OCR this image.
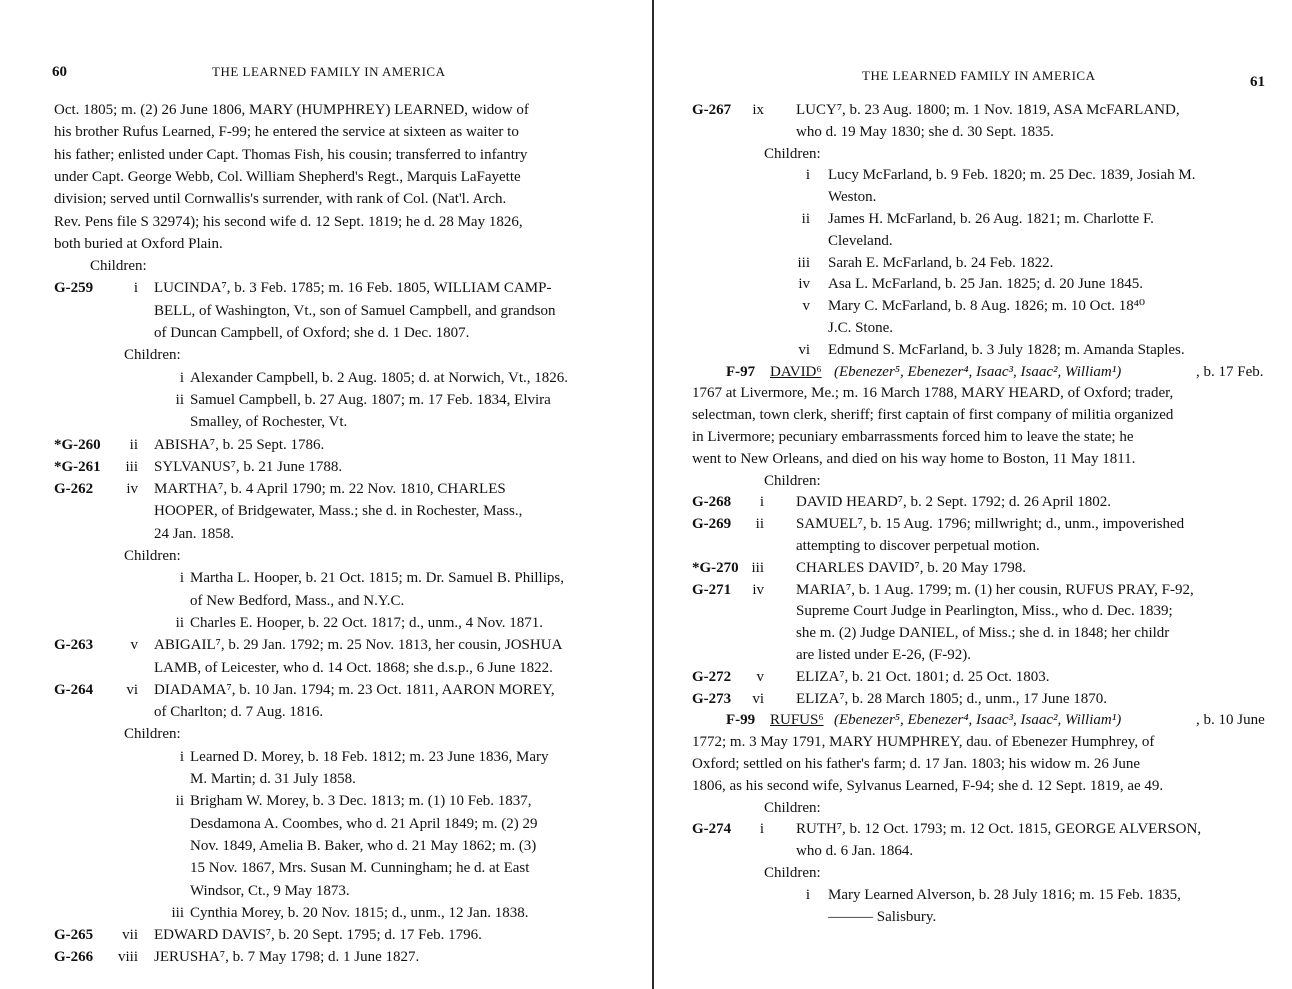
60	THE LEARNED FAMILY IN AMERICA
Oct. 1805; m. (2) 26 June 1806, MARY (HUMPHREY) LEARNED, widow of
his brother Rufus Learned, F-99; he entered the service at sixteen as waiter to
his father; enlisted under Capt. Thomas Fish, his cousin; transferred to infantry
under Capt. George Webb, Col. William Shepherd's Regt., Marquis LaFayette
division; served until Cornwallis's surrender, with rank of Col. (Nat'l. Arch.
Rev. Pens file S 32974); his second wife d. 12 Sept. 1819; he d. 28 May 1826,
both buried at Oxford Plain.
Children:
G-259	i LUCINDA⁷, b. 3 Feb. 1785; m. 16 Feb. 1805, WILLIAM CAMP-
BELL, of Washington, Vt., son of Samuel Campbell, and grandson
of Duncan Campbell, of Oxford; she d. 1 Dec. 1807.
Children:
i Alexander Campbell, b. 2 Aug. 1805; d. at Norwich, Vt., 1826.
ii Samuel Campbell, b. 27 Aug. 1807; m. 17 Feb. 1834, Elvira
Smalley, of Rochester, Vt.
*G-260	ii ABISHA⁷, b. 25 Sept. 1786.
*G-261	iii SYLVANUS⁷, b. 21 June 1788.
G-262	iv MARTHA⁷, b. 4 April 1790; m. 22 Nov. 1810, CHARLES
HOOPER, of Bridgewater, Mass.; she d. in Rochester, Mass.,
24 Jan. 1858.
Children:
i Martha L. Hooper, b. 21 Oct. 1815; m. Dr. Samuel B. Phillips,
of New Bedford, Mass., and N.Y.C.
ii Charles E. Hooper, b. 22 Oct. 1817; d., unm., 4 Nov. 1871.
G-263	v ABIGAIL⁷, b. 29 Jan. 1792; m. 25 Nov. 1813, her cousin, JOSHUA
LAMB, of Leicester, who d. 14 Oct. 1868; she d.s.p., 6 June 1822.
G-264	vi DIADAMA⁷, b. 10 Jan. 1794; m. 23 Oct. 1811, AARON MOREY,
of Charlton; d. 7 Aug. 1816.
Children:
i Learned D. Morey, b. 18 Feb. 1812; m. 23 June 1836, Mary
M. Martin; d. 31 July 1858.
ii Brigham W. Morey, b. 3 Dec. 1813; m. (1) 10 Feb. 1837,
Desdamona A. Coombes, who d. 21 April 1849; m. (2) 29
Nov. 1849, Amelia B. Baker, who d. 21 May 1862; m. (3)
15 Nov. 1867, Mrs. Susan M. Cunningham; he d. at East
Windsor, Ct., 9 May 1873.
iii Cynthia Morey, b. 20 Nov. 1815; d., unm., 12 Jan. 1838.
G-265	vii EDWARD DAVIS⁷, b. 20 Sept. 1795; d. 17 Feb. 1796.
G-266	viii JERUSHA⁷, b. 7 May 1798; d. 1 June 1827.
THE LEARNED FAMILY IN AMERICA	61
G-267	ix LUCY⁷, b. 23 Aug. 1800; m. 1 Nov. 1819, ASA McFARLAND,
who d. 19 May 1830; she d. 30 Sept. 1835.
Children:
i Lucy McFarland, b. 9 Feb. 1820; m. 25 Dec. 1839, Josiah M.
Weston.
ii James H. McFarland, b. 26 Aug. 1821; m. Charlotte F.
Cleveland.
iii Sarah E. McFarland, b. 24 Feb. 1822.
iv Asa L. McFarland, b. 25 Jan. 1825; d. 20 June 1845.
v Mary C. McFarland, b. 8 Aug. 1826; m. 10 Oct. 18⁴⁰
J.C. Stone.
vi Edmund S. McFarland, b. 3 July 1828; m. Amanda Staples.
F-97 DAVID⁶ (Ebenezer⁵, Ebenezer⁴, Isaac³, Isaac², William¹)	, b. 17 Feb.
1767 at Livermore, Me.; m. 16 March 1788, MARY HEARD, of Oxford; trader,
selectman, town clerk, sheriff; first captain of first company of militia organized
in Livermore; pecuniary embarrassments forced him to leave the state; he
went to New Orleans, and died on his way home to Boston, 11 May 1811.
Children:
G-268	i DAVID HEARD⁷, b. 2 Sept. 1792; d. 26 April 1802.
G-269	ii SAMUEL⁷, b. 15 Aug. 1796; millwright; d., unm., impoverished
attempting to discover perpetual motion.
*G-270 iii CHARLES DAVID⁷, b. 20 May 1798.
G-271	iv MARIA⁷, b. 1 Aug. 1799; m. (1) her cousin, RUFUS PRAY, F-92,
Supreme Court Judge in Pearlington, Miss., who d. Dec. 1839;
she m. (2) Judge DANIEL, of Miss.; she d. in 1848; her childr
are listed under E-26, (F-92).
G-272	v ELIZA⁷, b. 21 Oct. 1801; d. 25 Oct. 1803.
G-273	vi ELIZA⁷, b. 28 March 1805; d., unm., 17 June 1870.
F-99 RUFUS⁶ (Ebenezer⁵, Ebenezer⁴, Isaac³, Isaac², William¹)	, b. 10 June
1772; m. 3 May 1791, MARY HUMPHREY, dau. of Ebenezer Humphrey, of
Oxford; settled on his father's farm; d. 17 Jan. 1803; his widow m. 26 June
1806, as his second wife, Sylvanus Learned, F-94; she d. 12 Sept. 1819, ae 49.
Children:
G-274	i RUTH⁷, b. 12 Oct. 1793; m. 12 Oct. 1815, GEORGE ALVERSON,
who d. 6 Jan. 1864.
Children:
i Mary Learned Alverson, b. 28 July 1816; m. 15 Feb. 1835,
——— Salisbury.
